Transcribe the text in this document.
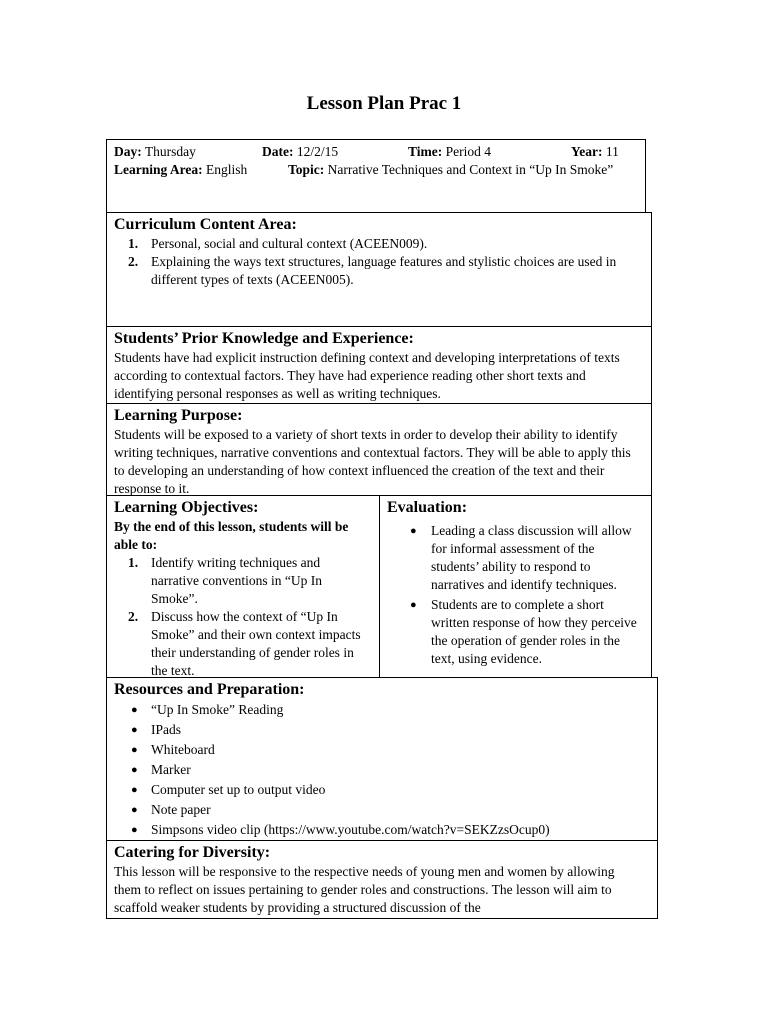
Lesson Plan Prac 1
Day: Thursday	Date: 12/2/15	Time: Period 4	Year: 11
Learning Area: English	Topic: Narrative Techniques and Context in “Up In Smoke”
Curriculum Content Area:
1. Personal, social and cultural context (ACEEN009).
2. Explaining the ways text structures, language features and stylistic choices are used in different types of texts (ACEEN005).
Students’ Prior Knowledge and Experience:
Students have had explicit instruction defining context and developing interpretations of texts according to contextual factors. They have had experience reading other short texts and identifying personal responses as well as writing techniques.
Learning Purpose:
Students will be exposed to a variety of short texts in order to develop their ability to identify writing techniques, narrative conventions and contextual factors. They will be able to apply this to developing an understanding of how context influenced the creation of the text and their response to it.
Learning Objectives:
By the end of this lesson, students will be able to:
1. Identify writing techniques and narrative conventions in “Up In Smoke”.
2. Discuss how the context of “Up In Smoke” and their own context impacts their understanding of gender roles in the text.
Evaluation:
● Leading a class discussion will allow for informal assessment of the students’ ability to respond to narratives and identify techniques.
● Students are to complete a short written response of how they perceive the operation of gender roles in the text, using evidence.
Resources and Preparation:
● “Up In Smoke” Reading
● IPads
● Whiteboard
● Marker
● Computer set up to output video
● Note paper
● Simpsons video clip (https://www.youtube.com/watch?v=SEKZzsOcup0)
Catering for Diversity:
This lesson will be responsive to the respective needs of young men and women by allowing them to reflect on issues pertaining to gender roles and constructions. The lesson will aim to scaffold weaker students by providing a structured discussion of the
